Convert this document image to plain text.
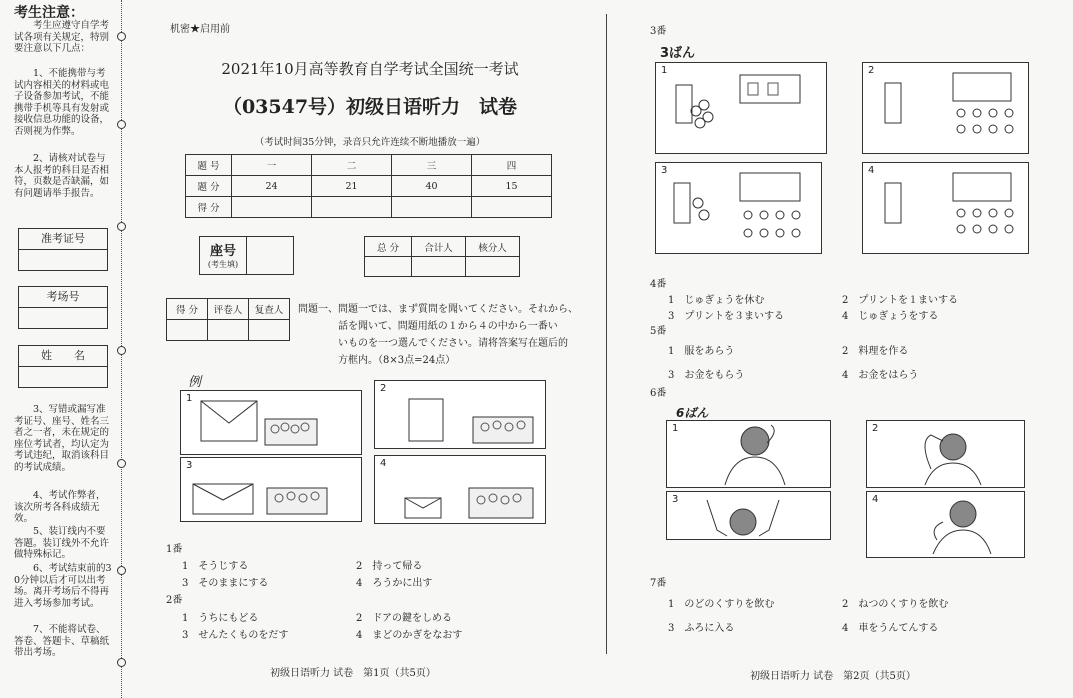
考生注意：
考生应遵守自学考试各项有关规定，特别要注意以下几点：
1、不能携带与考试内容相关的材料或电子设备参加考试，不能携带手机等具有发射或接收信息功能的设备，否则视为作弊。
2、请核对试卷与本人报考的科目是否相符，页数是否缺漏，如有问题请举手报告。
准考证号
考场号
姓　　名
3、写错或漏写准考证号、座号、姓名三者之一者，未在规定的座位考试者，均认定为考试违纪，取消该科目的考试成绩。
4、考试作弊者，该次所考各科成绩无效。
5、装订线内不要答题。装订线外不允许做特殊标记。
6、考试结束前的30分钟以后才可以出考场。离开考场后不得再进入考场参加考试。
7、不能将试卷、答卷、答题卡、草稿纸带出考场。
机密★启用前
2021年10月高等教育自学考试全国统一考试
（03547号）初级日语听力　试卷
（考试时间35分钟，录音只允许连续不断地播放一遍）
题 号	一	二	三	四
题 分	24	21	40	15
得 分				
座号
(考生填)
总 分	合计人	核分人

得 分	评卷人	复查人
		問題一、問題一では、まず質問を聞いてください。それから、
話を聞いて、問題用紙の１から４の中から一番い
いものを一つ選んでください。请将答案写在题后的
方框内。（8×3点=24点）
例
1
2
3	4
1番
1　そうじする	2　持って帰る
3　そのままにする	4　ろうかに出す
2番
1　うちにもどる	2　ドアの鍵をしめる
3　せんたくものをだす	4　まどのかぎをなおす
初级日语听力 试卷　第1页（共5页）
3番
3ばん
1	2
3	4
4番
1　じゅぎょうを休む	2　プリントを１まいする
3　プリントを３まいする	4　じゅぎょうをする
5番
1　服をあらう	2　料理を作る
3　お金をもらう	4　お金をはらう
6番
6ばん
1	2
3	4
7番
1　のどのくすりを飲む	2　ねつのくすりを飲む
3　ふろに入る	4　車をうんてんする
初级日语听力 试卷　第2页（共5页）
